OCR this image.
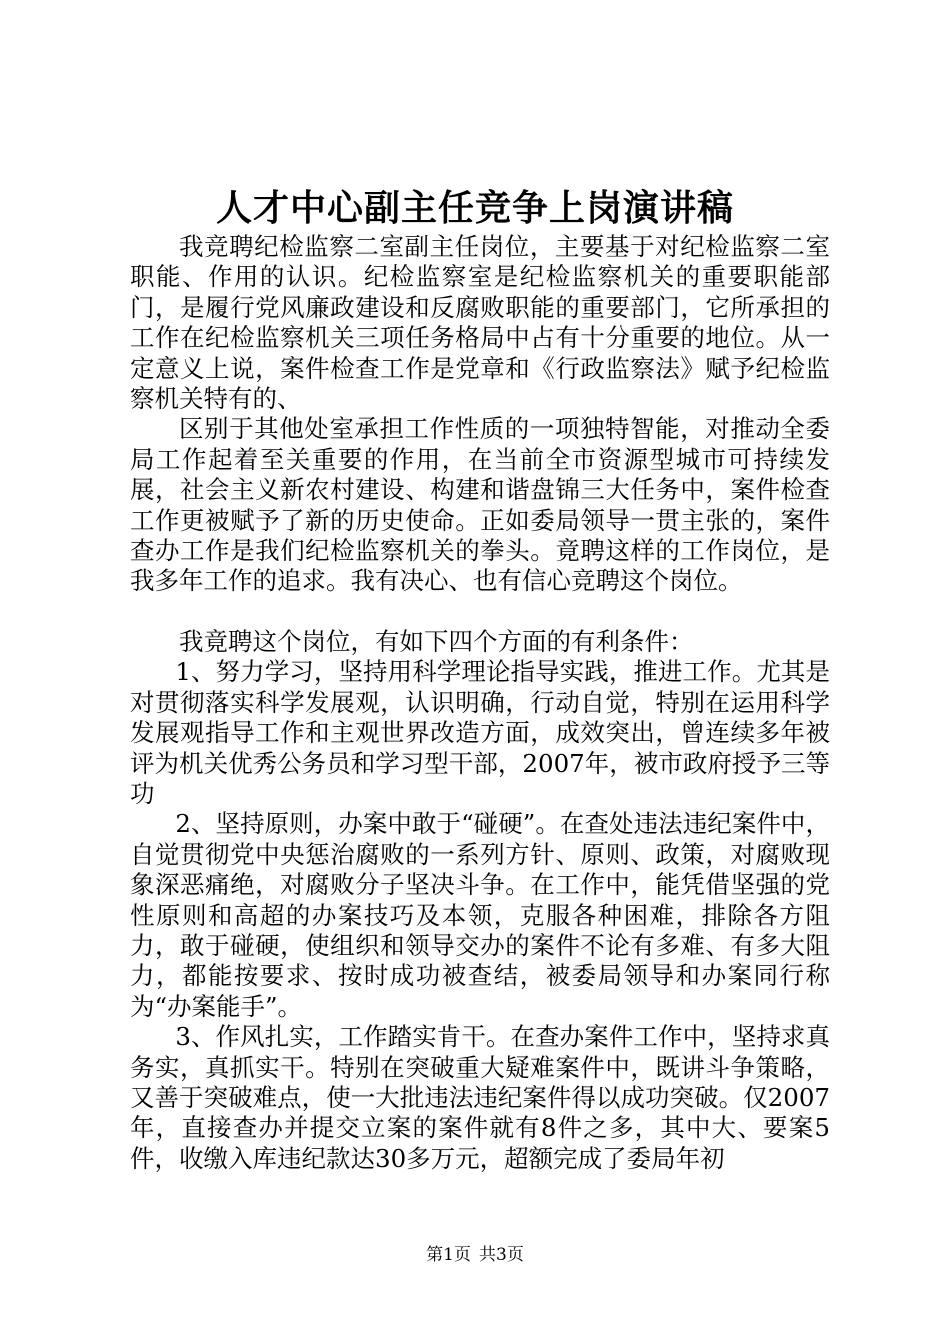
人才中心副主任竞争上岗演讲稿

我竞聘纪检监察二室副主任岗位，主要基于对纪检监察二室职能、作用的认识。纪检监察室是纪检监察机关的重要职能部门，是履行党风廉政建设和反腐败职能的重要部门，它所承担的工作在纪检监察机关三项任务格局中占有十分重要的地位。从一定意义上说，案件检查工作是党章和《行政监察法》赋予纪检监察机关特有的、

区别于其他处室承担工作性质的一项独特智能，对推动全委局工作起着至关重要的作用，在当前全市资源型城市可持续发展，社会主义新农村建设、构建和谐盘锦三大任务中，案件检查工作更被赋予了新的历史使命。正如委局领导一贯主张的，案件查办工作是我们纪检监察机关的拳头。竟聘这样的工作岗位，是我多年工作的追求。我有决心、也有信心竞聘这个岗位。

我竟聘这个岗位，有如下四个方面的有利条件：

1、努力学习，坚持用科学理论指导实践，推进工作。尤其是对贯彻落实科学发展观，认识明确，行动自觉，特别在运用科学发展观指导工作和主观世界改造方面，成效突出，曾连续多年被评为机关优秀公务员和学习型干部，2007年，被市政府授予三等功

2、坚持原则，办案中敢于“碰硬”。在查处违法违纪案件中，自觉贯彻党中央惩治腐败的一系列方针、原则、政策，对腐败现象深恶痛绝，对腐败分子坚决斗争。在工作中，能凭借坚强的党性原则和高超的办案技巧及本领，克服各种困难，排除各方阻力，敢于碰硬，使组织和领导交办的案件不论有多难、有多大阻力，都能按要求、按时成功被查结，被委局领导和办案同行称为“办案能手”。

3、作风扎实，工作踏实肯干。在查办案件工作中，坚持求真务实，真抓实干。特别在突破重大疑难案件中，既讲斗争策略，又善于突破难点，使一大批违法违纪案件得以成功突破。仅2007年，直接查办并提交立案的案件就有8件之多，其中大、要案5件，收缴入库违纪款达30多万元，超额完成了委局年初

第1页 共3页
